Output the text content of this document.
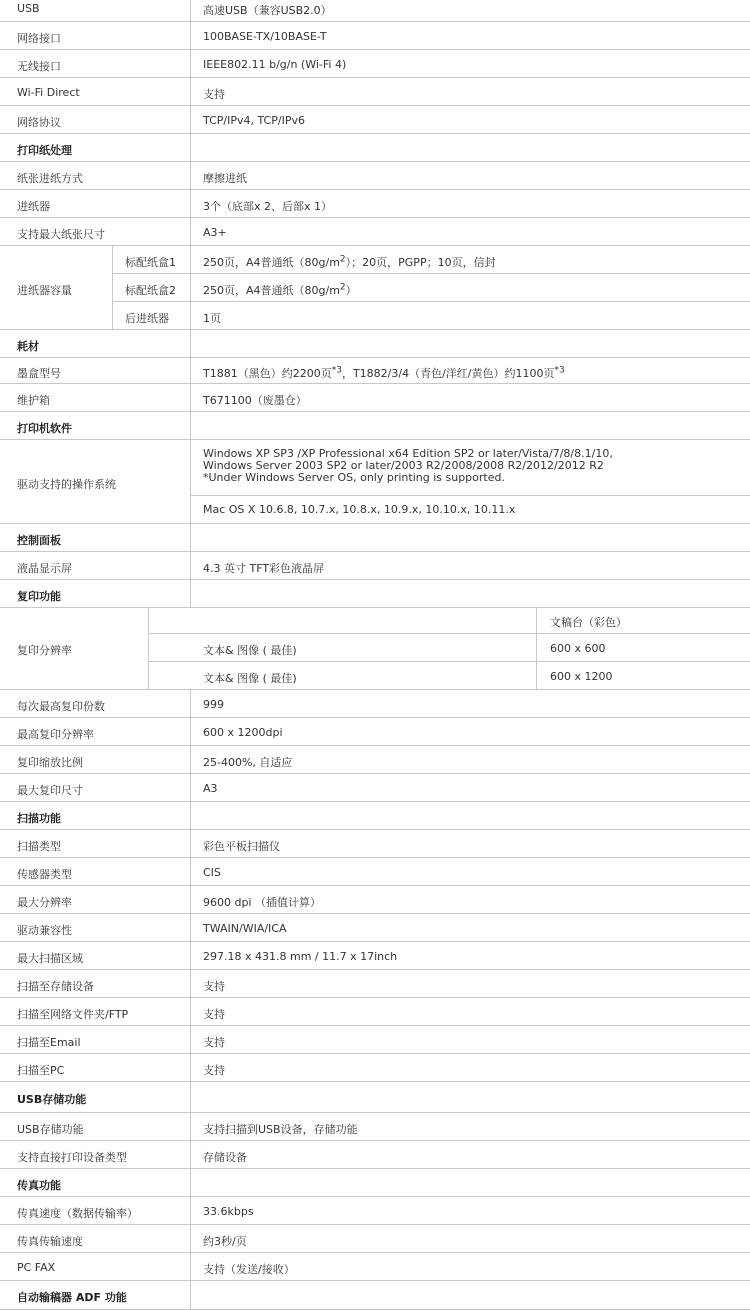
USB	高速USB（兼容USB2.0）
网络接口	100BASE-TX/10BASE-T
无线接口	IEEE802.11 b/g/n (Wi-Fi 4)
Wi-Fi Direct	支持
网络协议	TCP/IPv4, TCP/IPv6
打印纸处理
纸张进纸方式	摩擦进纸
进纸器	3个（底部x 2、后部x 1）
支持最大纸张尺寸	A3+
进纸器容量
标配纸盒1 250页，A4普通纸$(80g/m^2)$；20页，PGPP；10页，信封
标配纸盒2 250页，A4普通纸$(80g/m^2)$
后进纸器	1页
耗材
墨盒型号	T1881（黑色）约2200页$^{*3}$，T1882/3/4（青色/洋红/黄色）约1100页$^{*3}$
维护箱	T671100（废墨仓）
打印机软件
驱动支持的操作系统
Windows XP SP3 /XP Professional x64 Edition SP2 or later/Vista/7/8/8.1/10,
Windows Server 2003 SP2 or later/2003 R2/2008/2008 R2/2012/2012 R2
*Under Windows Server OS, only printing is supported.
Mac OS X 10.6.8, 10.7.x, 10.8.x, 10.9.x, 10.10.x, 10.11.x
控制面板
液晶显示屏	4.3 英寸 TFT彩色液晶屏
复印功能
复印分辨率
文稿台（彩色）
文本& 图像 ( 最佳)	600 x 600
文本& 图像 ( 最佳)	600 x 1200
每次最高复印份数	999
最高复印分辨率	600 x 1200dpi
复印缩放比例	25-400%, 自适应
最大复印尺寸	A3
扫描功能
扫描类型	彩色平板扫描仪
传感器类型	CIS
最大分辨率	9600 dpi （插值计算）
驱动兼容性	TWAIN/WIA/ICA
最大扫描区域	297.18 x 431.8 mm / 11.7 x 17inch
扫描至存储设备	支持
扫描至网络文件夹/FTP	支持
扫描至Email	支持
扫描至PC	支持
USB存储功能
USB存储功能	支持扫描到USB设备，存储功能
支持直接打印设备类型	存储设备
传真功能
传真速度（数据传输率）	33.6kbps
传真传输速度	约3秒/页
PC FAX	支持（发送/接收）
自动输稿器 ADF 功能
